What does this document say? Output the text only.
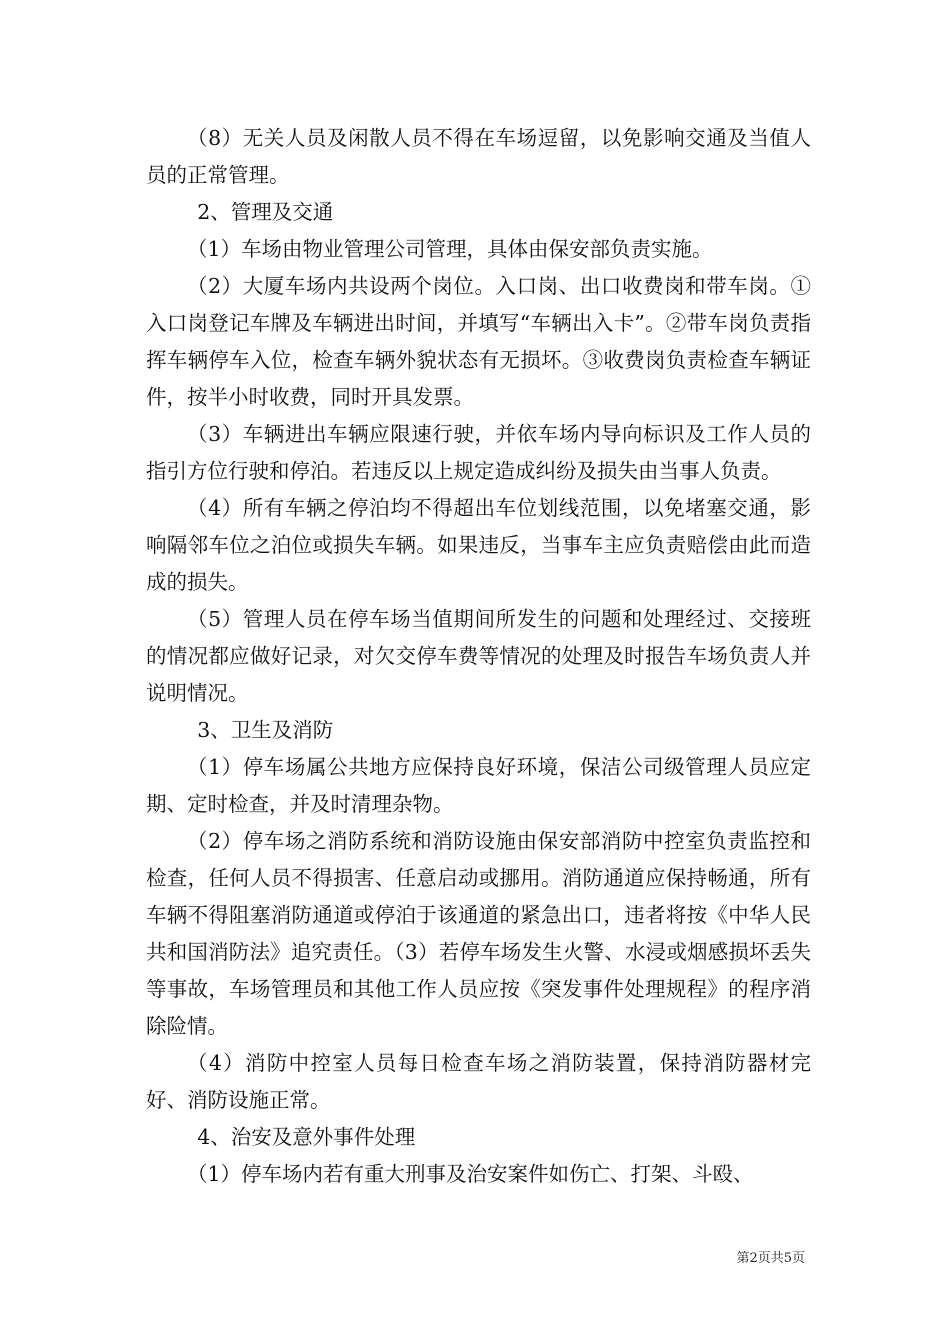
（8）无关人员及闲散人员不得在车场逗留，以免影响交通及当值人员的正常管理。

2、管理及交通

（1）车场由物业管理公司管理，具体由保安部负责实施。

（2）大厦车场内共设两个岗位。入口岗、出口收费岗和带车岗。①入口岗登记车牌及车辆进出时间，并填写“车辆出入卡”。②带车岗负责指挥车辆停车入位，检查车辆外貌状态有无损坏。③收费岗负责检查车辆证件，按半小时收费，同时开具发票。

（3）车辆进出车辆应限速行驶，并依车场内导向标识及工作人员的指引方位行驶和停泊。若违反以上规定造成纠纷及损失由当事人负责。

（4）所有车辆之停泊均不得超出车位划线范围，以免堵塞交通，影响隔邻车位之泊位或损失车辆。如果违反，当事车主应负责赔偿由此而造成的损失。

（5）管理人员在停车场当值期间所发生的问题和处理经过、交接班的情况都应做好记录，对欠交停车费等情况的处理及时报告车场负责人并说明情况。

3、卫生及消防

（1）停车场属公共地方应保持良好环境，保洁公司级管理人员应定期、定时检查，并及时清理杂物。

（2）停车场之消防系统和消防设施由保安部消防中控室负责监控和检查，任何人员不得损害、任意启动或挪用。消防通道应保持畅通，所有车辆不得阻塞消防通道或停泊于该通道的紧急出口，违者将按《中华人民共和国消防法》追究责任。（3）若停车场发生火警、水浸或烟感损坏丢失等事故，车场管理员和其他工作人员应按《突发事件处理规程》的程序消除险情。

（4）消防中控室人员每日检查车场之消防装置，保持消防器材完好、消防设施正常。

4、治安及意外事件处理

（1）停车场内若有重大刑事及治安案件如伤亡、打架、斗殴、

第2页共5页
